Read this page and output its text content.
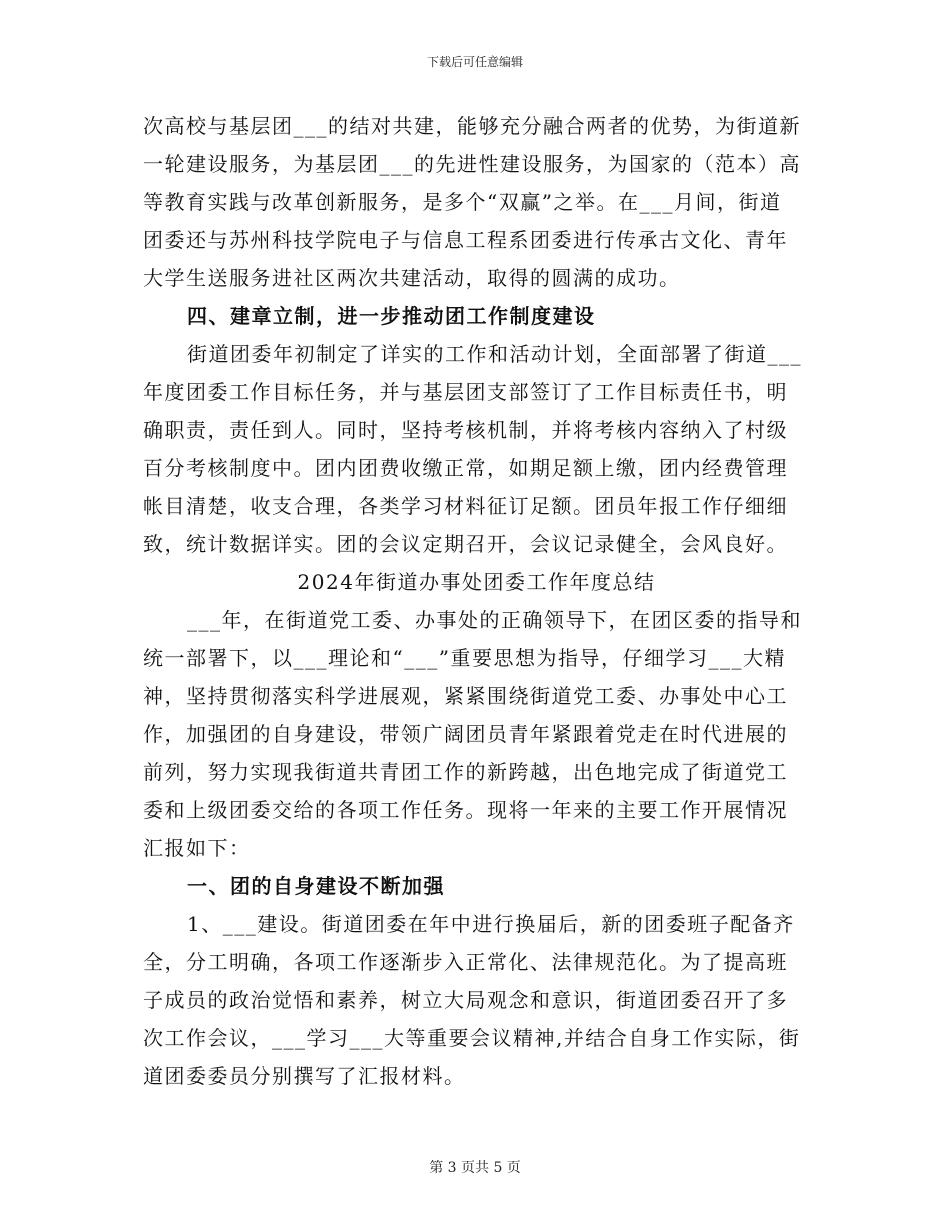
下载后可任意编辑
次高校与基层团___的结对共建，能够充分融合两者的优势，为街道新
一轮建设服务，为基层团___的先进性建设服务，为国家的（范本）高
等教育实践与改革创新服务，是多个“双赢”之举。在___月间，街道
团委还与苏州科技学院电子与信息工程系团委进行传承古文化、青年
大学生送服务进社区两次共建活动，取得的圆满的成功。
四、建章立制，进一步推动团工作制度建设
街道团委年初制定了详实的工作和活动计划，全面部署了街道___
年度团委工作目标任务，并与基层团支部签订了工作目标责任书，明
确职责，责任到人。同时，坚持考核机制，并将考核内容纳入了村级
百分考核制度中。团内团费收缴正常，如期足额上缴，团内经费管理
帐目清楚，收支合理，各类学习材料征订足额。团员年报工作仔细细
致，统计数据详实。团的会议定期召开，会议记录健全，会风良好。
2024年街道办事处团委工作年度总结
___年，在街道党工委、办事处的正确领导下，在团区委的指导和
统一部署下，以___理论和“___”重要思想为指导，仔细学习___大精
神，坚持贯彻落实科学进展观，紧紧围绕街道党工委、办事处中心工
作，加强团的自身建设，带领广阔团员青年紧跟着党走在时代进展的
前列，努力实现我街道共青团工作的新跨越，出色地完成了街道党工
委和上级团委交给的各项工作任务。现将一年来的主要工作开展情况
汇报如下：
一、团的自身建设不断加强
1、___建设。街道团委在年中进行换届后，新的团委班子配备齐
全，分工明确，各项工作逐渐步入正常化、法律规范化。为了提高班
子成员的政治觉悟和素养，树立大局观念和意识，街道团委召开了多
次工作会议，___学习___大等重要会议精神,并结合自身工作实际，街
道团委委员分别撰写了汇报材料。
第 3 页共 5 页
